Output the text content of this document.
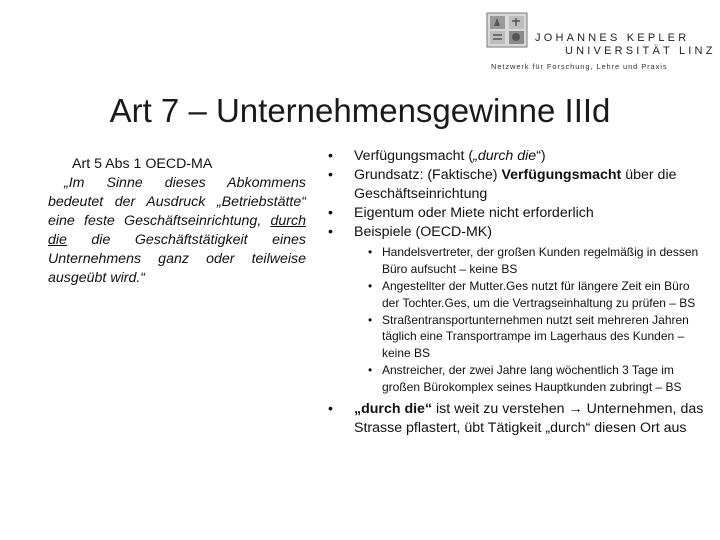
JOHANNES KEPLER
UNIVERSITÄT LINZ
Netzwerk für Forschung, Lehre und Praxis
Art 7 – Unternehmensgewinne IIId
Art 5 Abs 1 OECD-MA
„Im Sinne dieses Abkommens bedeutet der Ausdruck „Betriebstätte“ eine feste Geschäftseinrichtung, durch die die Geschäftstätigkeit eines Unternehmens ganz oder teilweise ausgeübt wird.“

• Verfügungsmacht („durch die“)

• Grundsatz: (Faktische) Verfügungsmacht über die Geschäftseinrichtung

• Eigentum oder Miete nicht erforderlich

• Beispiele (OECD-MK)

• Handelsvertreter, der großen Kunden regelmäßig in dessen Büro aufsucht – keine BS

• Angestellter der Mutter.Ges nutzt für längere Zeit ein Büro der Tochter.Ges, um die Vertragseinhaltung zu prüfen – BS

• Straßentransportunternehmen nutzt seit mehreren Jahren täglich eine Transportrampe im Lagerhaus des Kunden – keine BS

• Anstreicher, der zwei Jahre lang wöchentlich 3 Tage im großen Bürokomplex seines Hauptkunden zubringt – BS

• „durch die“ ist weit zu verstehen → Unternehmen, das Strasse pflastert, übt Tätigkeit „durch“ diesen Ort aus
